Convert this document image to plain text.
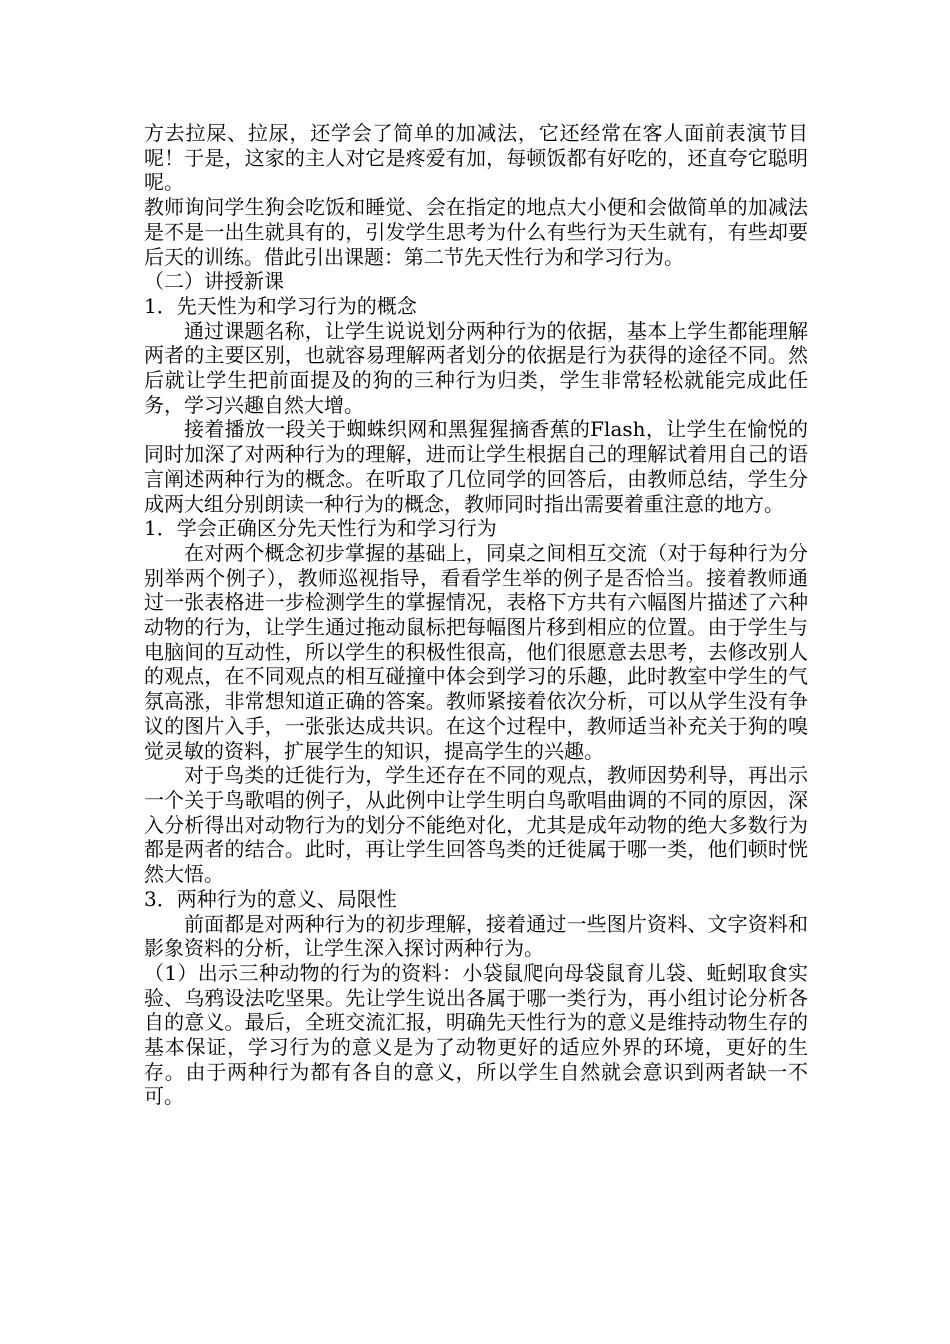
方去拉屎、拉尿，还学会了简单的加减法，它还经常在客人面前表演节目呢！于是，这家的主人对它是疼爱有加，每顿饭都有好吃的，还直夸它聪明呢。

教师询问学生狗会吃饭和睡觉、会在指定的地点大小便和会做简单的加减法是不是一出生就具有的，引发学生思考为什么有些行为天生就有，有些却要后天的训练。借此引出课题：第二节先天性行为和学习行为。

（二）讲授新课

1．先天性为和学习行为的概念

通过课题名称，让学生说说划分两种行为的依据，基本上学生都能理解两者的主要区别，也就容易理解两者划分的依据是行为获得的途径不同。然后就让学生把前面提及的狗的三种行为归类，学生非常轻松就能完成此任务，学习兴趣自然大增。

接着播放一段关于蜘蛛织网和黑猩猩摘香蕉的Flash，让学生在愉悦的同时加深了对两种行为的理解，进而让学生根据自己的理解试着用自己的语言阐述两种行为的概念。在听取了几位同学的回答后，由教师总结，学生分成两大组分别朗读一种行为的概念，教师同时指出需要着重注意的地方。

1．学会正确区分先天性行为和学习行为

在对两个概念初步掌握的基础上，同桌之间相互交流（对于每种行为分别举两个例子），教师巡视指导，看看学生举的例子是否恰当。接着教师通过一张表格进一步检测学生的掌握情况，表格下方共有六幅图片描述了六种动物的行为，让学生通过拖动鼠标把每幅图片移到相应的位置。由于学生与电脑间的互动性，所以学生的积极性很高，他们很愿意去思考，去修改别人的观点，在不同观点的相互碰撞中体会到学习的乐趣，此时教室中学生的气氛高涨，非常想知道正确的答案。教师紧接着依次分析，可以从学生没有争议的图片入手，一张张达成共识。在这个过程中，教师适当补充关于狗的嗅觉灵敏的资料，扩展学生的知识，提高学生的兴趣。

对于鸟类的迁徙行为，学生还存在不同的观点，教师因势利导，再出示一个关于鸟歌唱的例子，从此例中让学生明白鸟歌唱曲调的不同的原因，深入分析得出对动物行为的划分不能绝对化，尤其是成年动物的绝大多数行为都是两者的结合。此时，再让学生回答鸟类的迁徙属于哪一类，他们顿时恍然大悟。

3．两种行为的意义、局限性

前面都是对两种行为的初步理解，接着通过一些图片资料、文字资料和影象资料的分析，让学生深入探讨两种行为。

（1）出示三种动物的行为的资料：小袋鼠爬向母袋鼠育儿袋、蚯蚓取食实验、乌鸦设法吃坚果。先让学生说出各属于哪一类行为，再小组讨论分析各自的意义。最后，全班交流汇报，明确先天性行为的意义是维持动物生存的基本保证，学习行为的意义是为了动物更好的适应外界的环境，更好的生存。由于两种行为都有各自的意义，所以学生自然就会意识到两者缺一不可。
